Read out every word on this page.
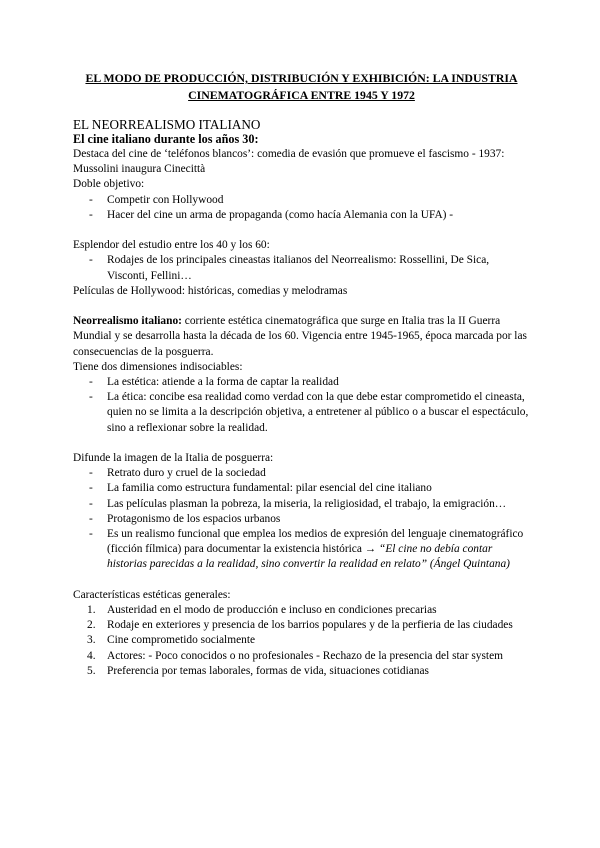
EL MODO DE PRODUCCIÓN, DISTRIBUCIÓN Y EXHIBICIÓN: LA INDUSTRIA
CINEMATOGRÁFICA ENTRE 1945 Y 1972
EL NEORREALISMO ITALIANO
El cine italiano durante los años 30:

Destaca del cine de ‘teléfonos blancos’: comedia de evasión que promueve el fascismo - 1937: Mussolini inaugura Cinecittà

Doble objetivo:

- Competir con Hollywood
- Hacer del cine un arma de propaganda (como hacía Alemania con la UFA) -

Esplendor del estudio entre los 40 y los 60:

- Rodajes de los principales cineastas italianos del Neorrealismo: Rossellini, De Sica, Visconti, Fellini…

Películas de Hollywood: históricas, comedias y melodramas

Neorrealismo italiano: corriente estética cinematográfica que surge en Italia tras la II Guerra Mundial y se desarrolla hasta la década de los 60. Vigencia entre 1945-1965, época marcada por las consecuencias de la posguerra.

Tiene dos dimensiones indisociables:

- La estética: atiende a la forma de captar la realidad
- La ética: concibe esa realidad como verdad con la que debe estar comprometido el cineasta, quien no se limita a la descripción objetiva, a entretener al público o a buscar el espectáculo, sino a reflexionar sobre la realidad.

Difunde la imagen de la Italia de posguerra:

- Retrato duro y cruel de la sociedad
- La familia como estructura fundamental: pilar esencial del cine italiano
- Las películas plasman la pobreza, la miseria, la religiosidad, el trabajo, la emigración…
- Protagonismo de los espacios urbanos
- Es un realismo funcional que emplea los medios de expresión del lenguaje cinematográfico (ficción fílmica) para documentar la existencia histórica → “El cine no debía contar historias parecidas a la realidad, sino convertir la realidad en relato” (Ángel Quintana)

Características estéticas generales:

1. Austeridad en el modo de producción e incluso en condiciones precarias
2. Rodaje en exteriores y presencia de los barrios populares y de la perfieria de las ciudades
3. Cine comprometido socialmente
4. Actores: - Poco conocidos o no profesionales - Rechazo de la presencia del star system
5. Preferencia por temas laborales, formas de vida, situaciones cotidianas
